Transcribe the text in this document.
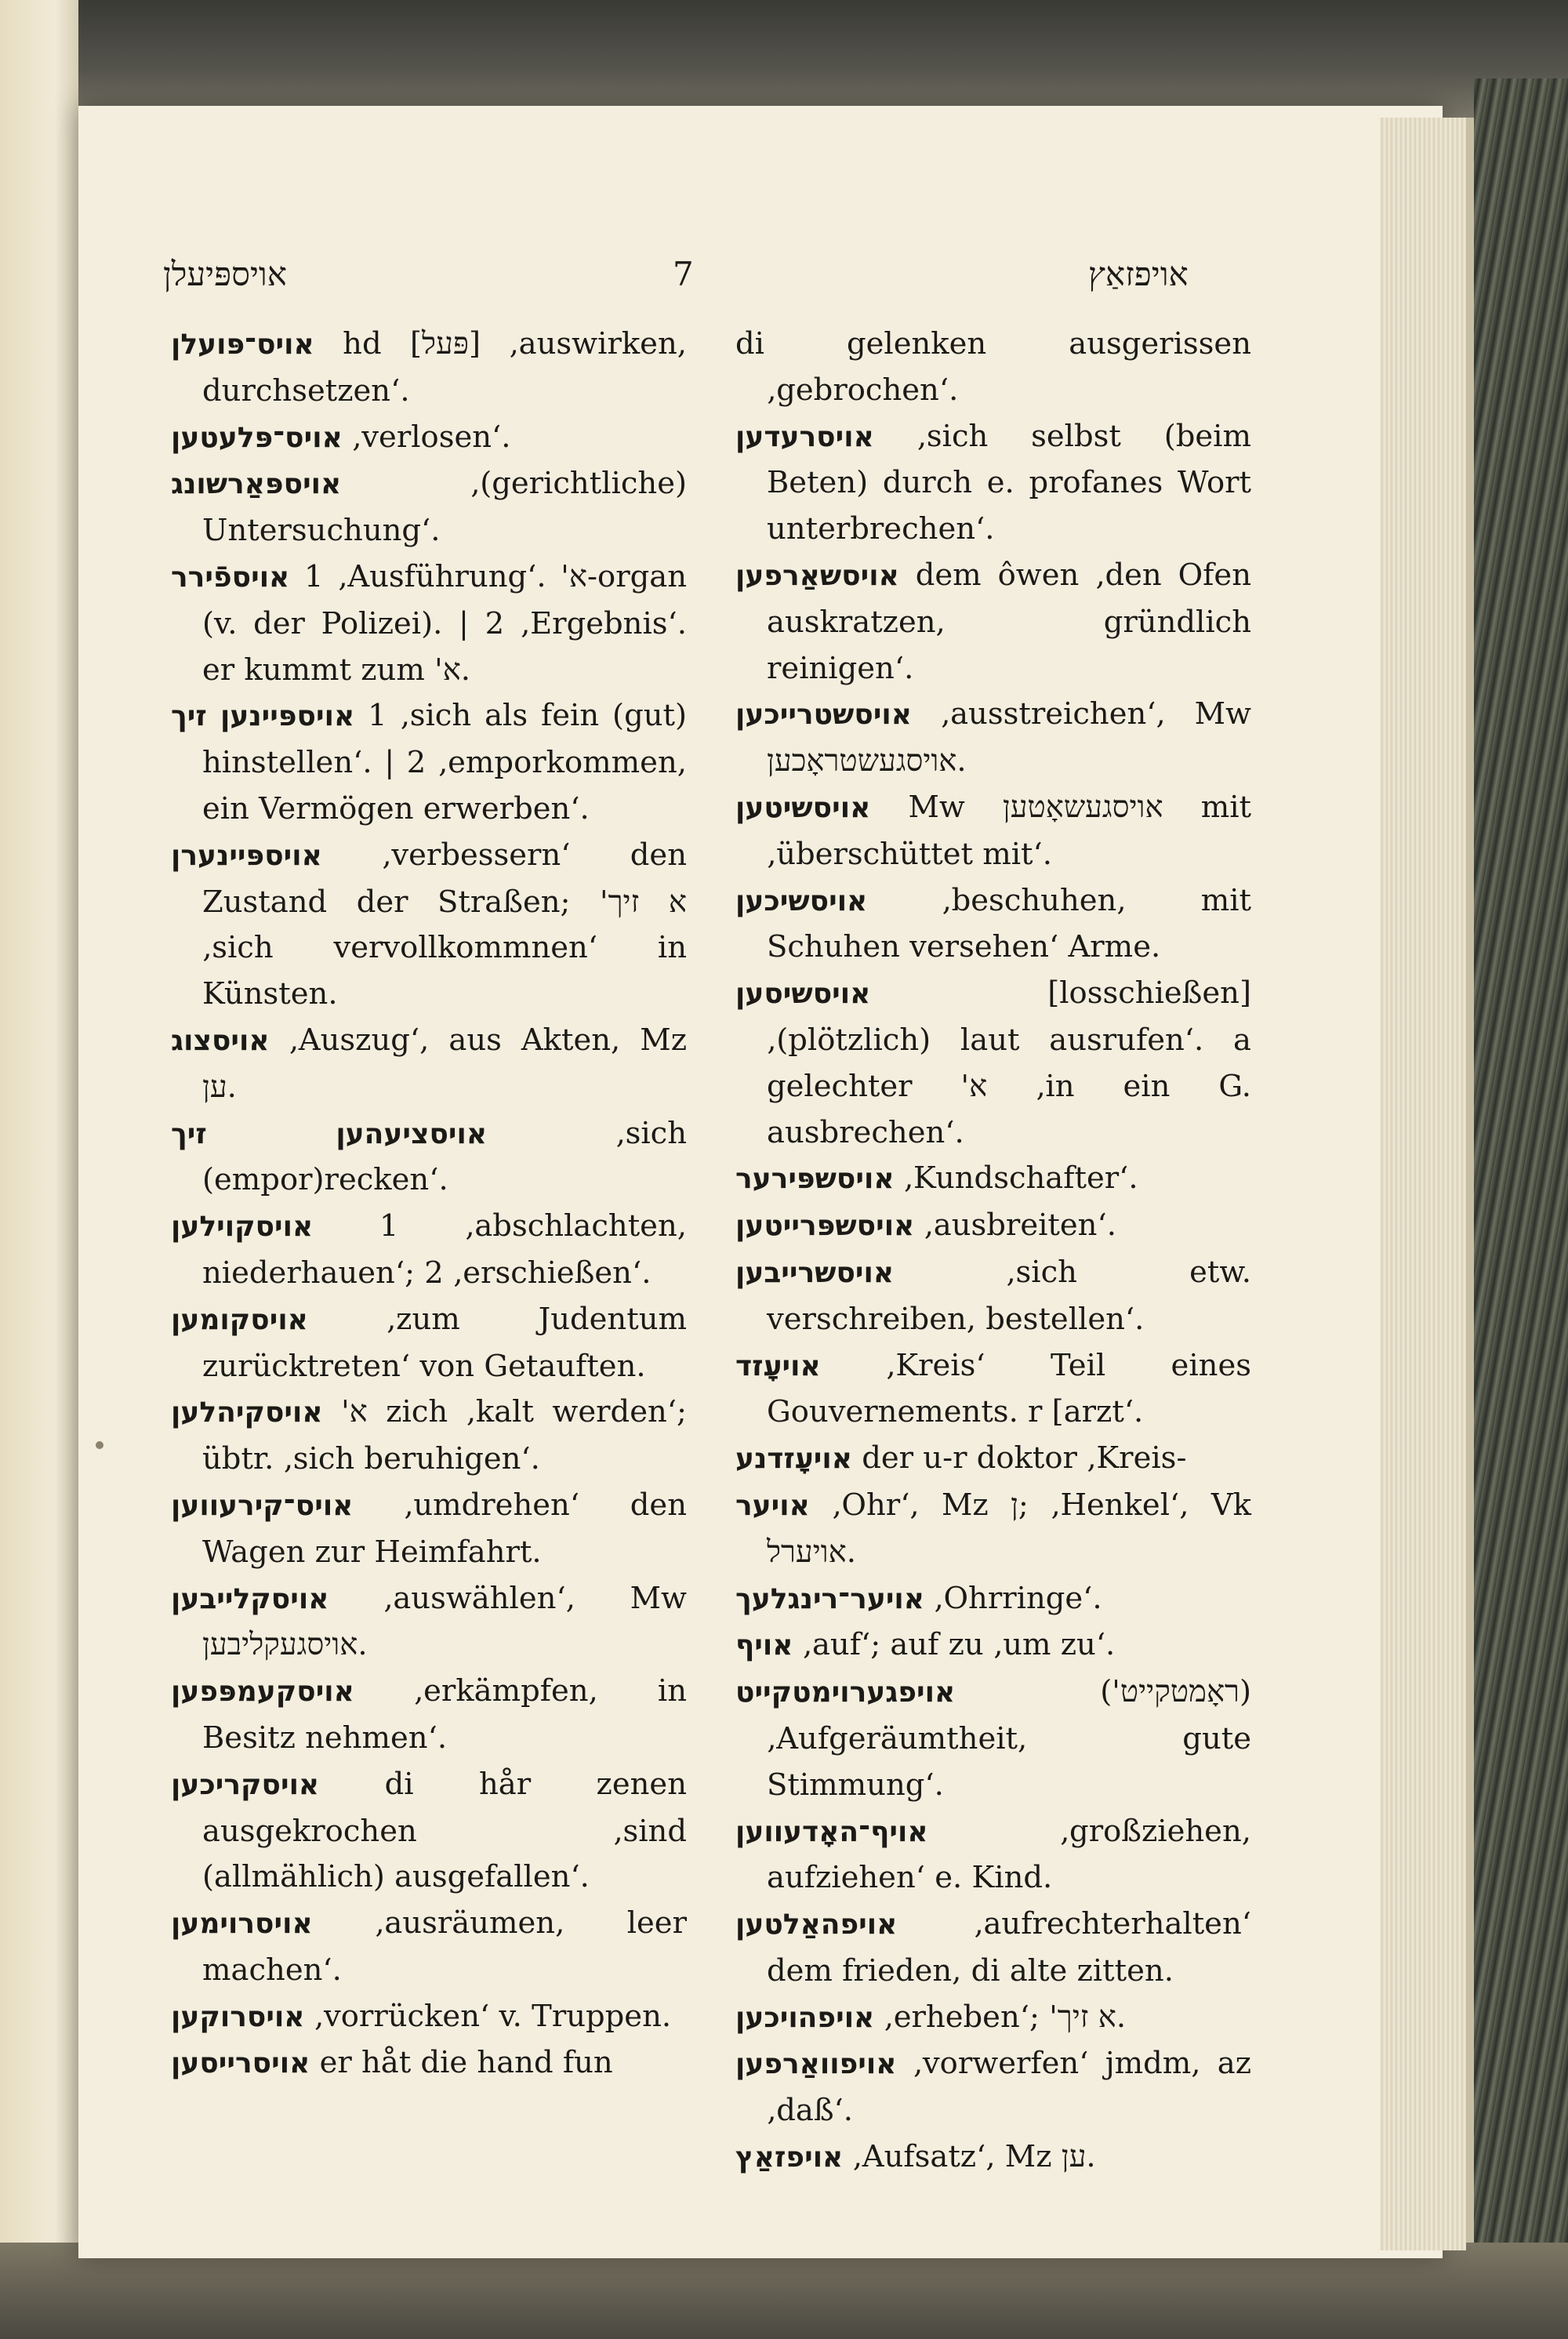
אויספּיעלן	7	אויפזאַץ

אויס־פּועלן hd [פּעל] ‚auswirken, durchsetzen‘.

אויס־פּלעטען ‚verlosen‘.

אויספּאַרשונג	‚(gerichtliche) Untersuchung‘.

אויספֿירר 1 ‚Ausführung‘. 'א-organ (v. der Polizei). | 2 ‚Ergebnis‘. er kummt zum 'א.

אויספּיינען זיך 1 ‚sich als fein (gut) hinstellen‘. | 2 ‚emporkommen, ein Vermögen erwerben‘.

אויספּיינערן ‚verbessern‘ den Zustand der Straßen; 'א זיך ‚sich vervollkommnen‘ in Künsten.

אויסצוג ‚Auszug‘, aus Akten, Mz ען.

אויסציעהען זיך	‚sich (empor)recken‘.

אויסקוילען 1 ‚abschlachten, niederhauen‘; 2 ‚erschießen‘.

אויסקומען	‚zum Judentum zurücktreten‘ von Getauften.

אויסקיהלען 'א zich ‚kalt werden‘; übtr. ‚sich beruhigen‘.

אויס־קירעווען ‚umdrehen‘ den Wagen zur Heimfahrt.

אויסקלייבען ‚auswählen‘, Mw אויסגעקליבען.

אויסקעמפּפען ‚erkämpfen, in Besitz nehmen‘.

אויסקריכען di hår zenen ausgekrochen ‚sind (allmählich) ausgefallen‘.

אויסרוימען ‚ausräumen, leer machen‘.

אויסרוקען ‚vorrücken‘ v. Truppen.

אויסרייסען er håt die hand fun

di gelenken ausgerissen ‚gebrochen‘.

אויסרעדען ‚sich selbst (beim Beten) durch e. profanes Wort unterbrechen‘.

אויסשאַרפען dem ôwen ‚den Ofen auskratzen, gründlich reinigen‘.

אויסשטרייכען ‚ausstreichen‘, Mw אויסגעשטראָכען.

אויסשיטען Mw אויסגעשאָטען mit ‚überschüttet mit‘.

אויסשיכען ‚beschuhen, mit Schuhen versehen‘ Arme.

אויסשיסען	[losschießen] ‚(plötzlich) laut ausrufen‘. a gelechter 'א ‚in ein G. ausbrechen‘.

אויסשפּירער ‚Kundschafter‘.

אויסשפּרייטען ‚ausbreiten‘.

אויסשרייבען	‚sich etw. verschreiben, bestellen‘.

אויעָזד ‚Kreis‘ Teil eines Gouvernements. r [arzt‘.

אויעָזדנע der u-r doktor ‚Kreis-

אויער ‚Ohr‘, Mz ן; ‚Henkel‘, Vk אויערל.

אויער־רינגלעך ‚Ohrringe‘.

אויף ‚auf‘; auf zu ‚um zu‘.

אויפגערוימטקייט	('ראָמטקייט) ‚Aufgeräumtheit, gute Stimmung‘.

אויף־האָדעווען	‚großziehen, aufziehen‘ e. Kind.

אויפהאַלטען	‚aufrechterhalten‘ dem frieden, di alte zitten.

אויפהויכען ‚erheben‘; 'א זיך.

אויפוואַרפען ‚vorwerfen‘ jmdm, az ‚daß‘.

אויפזאַץ ‚Aufsatz‘, Mz ען.
